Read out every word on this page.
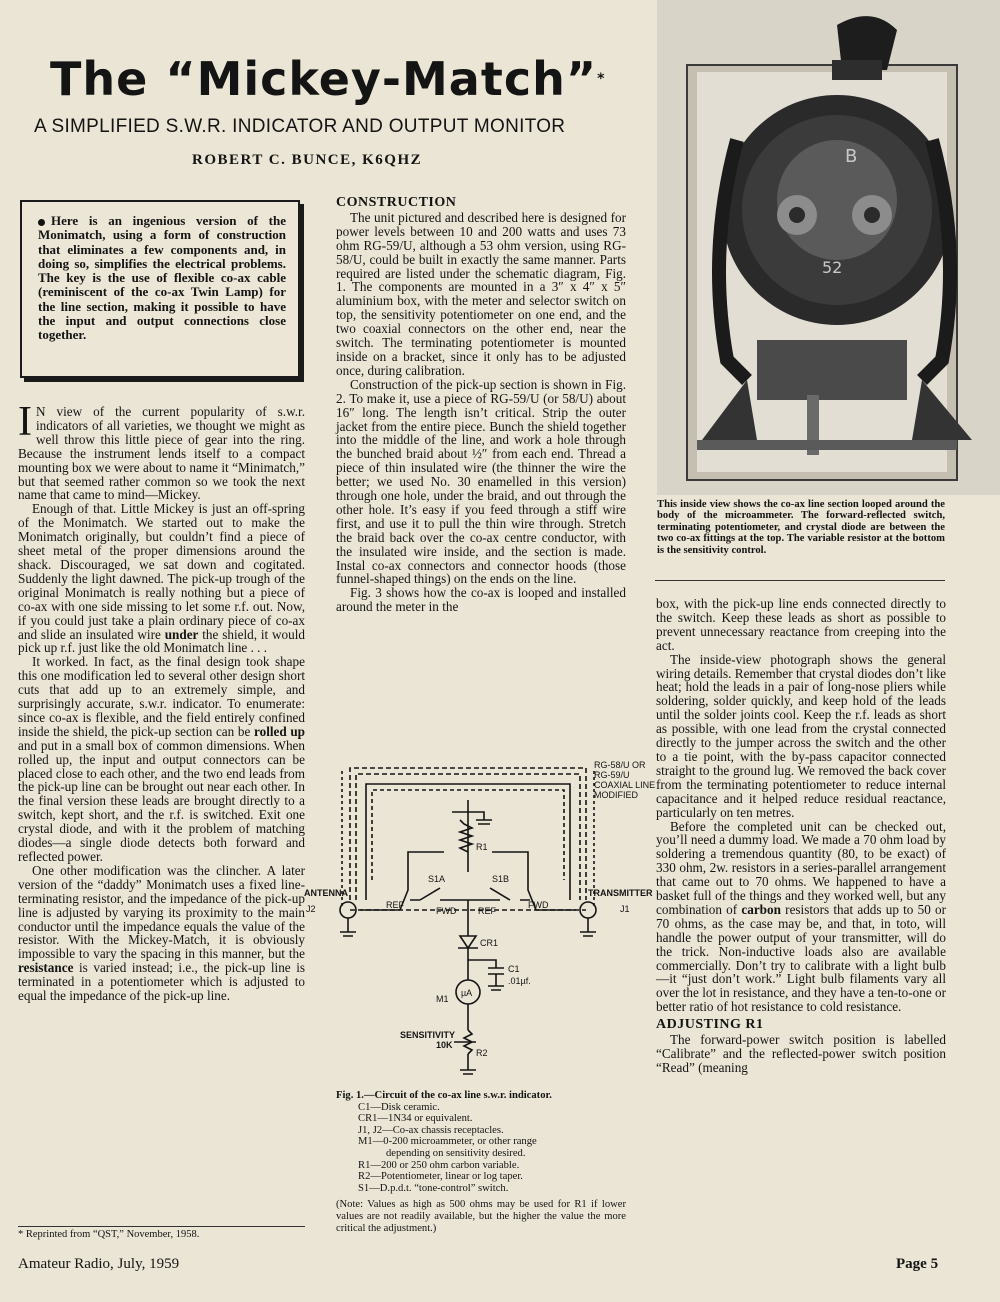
The “Mickey-Match”*
A SIMPLIFIED S.W.R. INDICATOR AND OUTPUT MONITOR
ROBERT C. BUNCE, K6QHZ
Here is an ingenious version of the Monimatch, using a form of construction that eliminates a few components and, in doing so, simplifies the electrical problems. The key is the use of flexible co-ax cable (reminiscent of the co-ax Twin Lamp) for the line section, making it possible to have the input and output connections close together.

I N view of the current popularity of s.w.r. indicators of all varieties, we thought we might as well throw this little piece of gear into the ring. Because the instrument lends itself to a compact mounting box we were about to name it “Minimatch,” but that seemed rather common so we took the next name that came to mind—Mickey.

Enough of that. Little Mickey is just an off-spring of the Monimatch. We started out to make the Monimatch originally, but couldn’t find a piece of sheet metal of the proper dimensions around the shack. Discouraged, we sat down and cogitated. Suddenly the light dawned. The pick-up trough of the original Monimatch is really nothing but a piece of co-ax with one side missing to let some r.f. out. Now, if you could just take a plain ordinary piece of co-ax and slide an insulated wire under the shield, it would pick up r.f. just like the old Monimatch line . . .

It worked. In fact, as the final design took shape this one modification led to several other design short cuts that add up to an extremely simple, and surprisingly accurate, s.w.r. indicator. To enumerate: since co-ax is flexible, and the field entirely confined inside the shield, the pick-up section can be rolled up and put in a small box of common dimensions. When rolled up, the input and output connectors can be placed close to each other, and the two end leads from the pick-up line can be brought out near each other. In the final version these leads are brought directly to a switch, kept short, and the r.f. is switched. Exit one crystal diode, and with it the problem of matching diodes—a single diode detects both forward and reflected power.

One other modification was the clincher. A later version of the “daddy” Monimatch uses a fixed line-terminating resistor, and the impedance of the pick-up line is adjusted by varying its proximity to the main conductor until the impedance equals the value of the resistor. With the Mickey-Match, it is obviously impossible to vary the spacing in this manner, but the resistance is varied instead; i.e., the pick-up line is terminated in a potentiometer which is adjusted to equal the impedance of the pick-up line.

* Reprinted from “QST,” November, 1958.
CONSTRUCTION

The unit pictured and described here is designed for power levels between 10 and 200 watts and uses 73 ohm RG-59/U, although a 53 ohm version, using RG-58/U, could be built in exactly the same manner. Parts required are listed under the schematic diagram, Fig. 1. The components are mounted in a 3″ x 4″ x 5″ aluminium box, with the meter and selector switch on top, the sensitivity potentiometer on one end, and the two coaxial connectors on the other end, near the switch. The terminating potentiometer is mounted inside on a bracket, since it only has to be adjusted once, during calibration.

Construction of the pick-up section is shown in Fig. 2. To make it, use a piece of RG-59/U (or 58/U) about 16″ long. The length isn’t critical. Strip the outer jacket from the entire piece. Bunch the shield together into the middle of the line, and work a hole through the bunched braid about ½″ from each end. Thread a piece of thin insulated wire (the thinner the wire the better; we used No. 30 enamelled in this version) through one hole, under the braid, and out through the other hole. It’s easy if you feed through a stiff wire first, and use it to pull the thin wire through. Stretch the braid back over the co-ax centre conductor, with the insulated wire inside, and the section is made. Instal co-ax connectors and connector hoods (those funnel-shaped things) on the ends on the line.

Fig. 3 shows how the co-ax is looped and installed around the meter in the

RG-58/U OR
RG-59/U
COAXIAL LINE
MODIFIED
ANTENNA	TRANSMITTER
J2	J1
R1
S1A	S1B
REF
FWD REF
FWD
CR1
C1
.01µf.
M1
µA
SENSITIVITY
10K
R2
Fig. 1.—Circuit of the co-ax line s.w.r. indicator.
C1—Disk ceramic.
CR1—1N34 or equivalent.
J1, J2—Co-ax chassis receptacles.
M1—0-200 microammeter, or other range
depending on sensitivity desired.
R1—200 or 250 ohm carbon variable.
R2—Potentiometer, linear or log taper.
S1—D.p.d.t. “tone-control” switch.
(Note: Values as high as 500 ohms may be used for R1 if lower values are not readily available, but the higher the value the more critical the adjustment.)
B
52
This inside view shows the co-ax line section looped around the body of the microammeter. The forward-reflected switch, terminating potentiometer, and crystal diode are between the two co-ax fittings at the top. The variable resistor at the bottom is the sensitivity control.

box, with the pick-up line ends connected directly to the switch. Keep these leads as short as possible to prevent unnecessary reactance from creeping into the act.

The inside-view photograph shows the general wiring details. Remember that crystal diodes don’t like heat; hold the leads in a pair of long-nose pliers while soldering, solder quickly, and keep hold of the leads until the solder joints cool. Keep the r.f. leads as short as possible, with one lead from the crystal connected directly to the jumper across the switch and the other to a tie point, with the by-pass capacitor connected straight to the ground lug. We removed the back cover from the terminating potentiometer to reduce internal capacitance and it helped reduce residual reactance, particularly on ten metres.

Before the completed unit can be checked out, you’ll need a dummy load. We made a 70 ohm load by soldering a tremendous quantity (80, to be exact) of 330 ohm, 2w. resistors in a series-parallel arrangement that came out to 70 ohms. We happened to have a basket full of the things and they worked well, but any combination of carbon resistors that adds up to 50 or 70 ohms, as the case may be, and that, in toto, will handle the power output of your transmitter, will do the trick. Non-inductive loads also are available commercially. Don’t try to calibrate with a light bulb—it “just don’t work.” Light bulb filaments vary all over the lot in resistance, and they have a ten-to-one or better ratio of hot resistance to cold resistance.

ADJUSTING R1

The forward-power switch position is labelled “Calibrate” and the reflected-power switch position “Read” (meaning

Amateur Radio, July, 1959	Page 5
